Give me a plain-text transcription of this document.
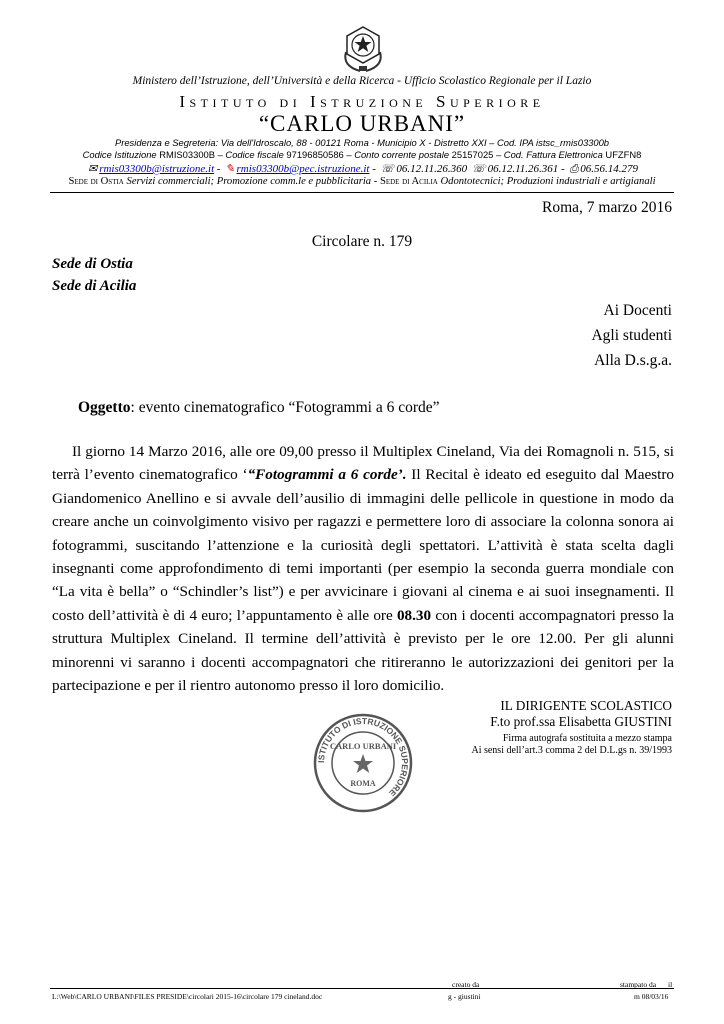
Ministero dell’Istruzione, dell’Università e della Ricerca - Ufficio Scolastico Regionale per il Lazio
Istituto di Istruzione Superiore
“CARLO URBANI”
Presidenza e Segreteria: Via dell'Idroscalo, 88 - 00121 Roma - Municipio X - Distretto XXI – Cod. IPA istsc_rmis03300b
Codice Istituzione RMIS03300B – Codice fiscale 97196850586 – Conto corrente postale 25157025 – Cod. Fattura Elettronica UFZFN8
✉ rmis03300b@istruzione.it - ✎ rmis03300b@pec.istruzione.it - ☏ 06.12.11.26.360 ☏ 06.12.11.26.361 - ⎙ 06.56.14.279
Sede di Ostia Servizi commerciali; Promozione comm.le e pubblicitaria - Sede di Acilia Odontotecnici; Produzioni industriali e artigianali
Roma, 7 marzo 2016
Circolare n. 179
Sede di Ostia
Sede di Acilia
Ai Docenti
Agli studenti
Alla D.s.g.a.
Oggetto: evento cinematografico “Fotogrammi a 6 corde”

Il giorno 14 Marzo 2016, alle ore 09,00 presso il Multiplex Cineland, Via dei Romagnoli n. 515, si terrà l’evento cinematografico ‘“Fotogrammi a 6 corde’. Il Recital è ideato ed eseguito dal Maestro Giandomenico Anellino e si avvale dell’ausilio di immagini delle pellicole in questione in modo da creare anche un coinvolgimento visivo per ragazzi e permettere loro di associare la colonna sonora ai fotogrammi, suscitando l’attenzione e la curiosità degli spettatori. L’attività è stata scelta dagli insegnanti come approfondimento di temi importanti (per esempio la seconda guerra mondiale con “La vita è bella” o “Schindler’s list”) e per avvicinare i giovani al cinema e ai suoi insegnamenti. Il costo dell’attività è di 4 euro; l’appuntamento è alle ore 08.30 con i docenti accompagnatori presso la struttura Multiplex Cineland. Il termine dell’attività è previsto per le ore 12.00. Per gli alunni minorenni vi saranno i docenti accompagnatori che ritireranno le autorizzazioni dei genitori per la partecipazione e per il rientro autonomo presso il loro domicilio.

IL DIRIGENTE SCOLASTICO
F.to prof.ssa Elisabetta GIUSTINI
Firma autografa sostituita a mezzo stampa
Ai sensi dell’art.3 comma 2 del D.L.gs n. 39/1993
ISTITUTO DI ISTRUZIONE SUPERIORE
CARLO URBANI
ROMA
creato da	stampato da il
L:\Web\CARLO URBANI\FILES PRESIDE\circolari 2015-16\circolare 179 cineland.doc	g - giustini	m 08/03/16
